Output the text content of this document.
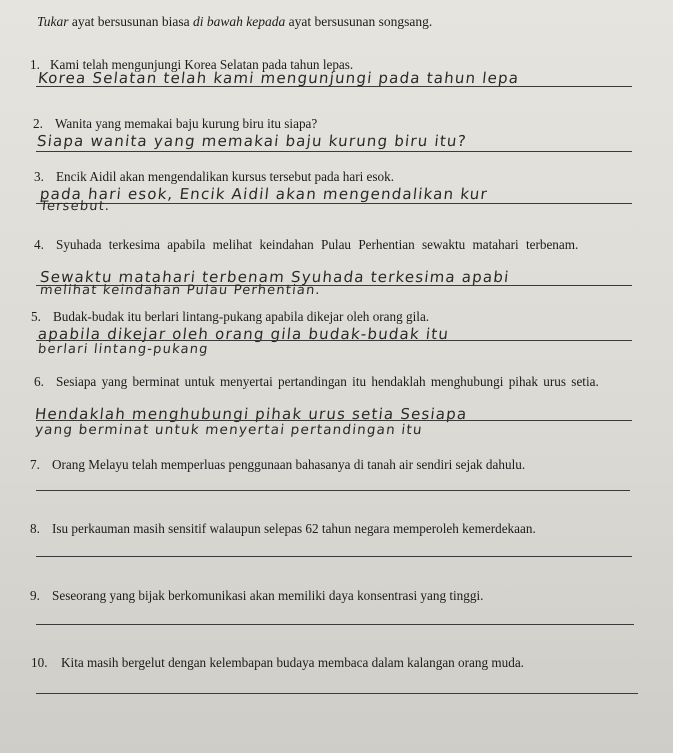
Tukar ayat bersusunan biasa di bawah kepada ayat bersusunan songsang.
1. Kami telah mengunjungi Korea Selatan pada tahun lepas.
Korea Selatan telah kami mengunjungi pada tahun lepa
2. Wanita yang memakai baju kurung biru itu siapa?
Siapa wanita yang memakai baju kurung biru itu?
3. Encik Aidil akan mengendalikan kursus tersebut pada hari esok.
pada hari esok, Encik Aidil akan mengendalikan kur
Tersebut.
4. Syuhada terkesima apabila melihat keindahan Pulau Perhentian sewaktu matahari terbenam.
Sewaktu matahari terbenam Syuhada terkesima apabi
melihat keindahan Pulau Perhentian.
5. Budak-budak itu berlari lintang-pukang apabila dikejar oleh orang gila.
apabila dikejar oleh orang gila budak-budak itu
berlari lintang-pukang
6. Sesiapa yang berminat untuk menyertai pertandingan itu hendaklah menghubungi pihak urus setia.
Hendaklah menghubungi pihak urus setia Sesiapa
yang berminat untuk menyertai pertandingan itu
7. Orang Melayu telah memperluas penggunaan bahasanya di tanah air sendiri sejak dahulu.
8. Isu perkauman masih sensitif walaupun selepas 62 tahun negara memperoleh kemerdekaan.
9. Seseorang yang bijak berkomunikasi akan memiliki daya konsentrasi yang tinggi.
10. Kita masih bergelut dengan kelembapan budaya membaca dalam kalangan orang muda.
